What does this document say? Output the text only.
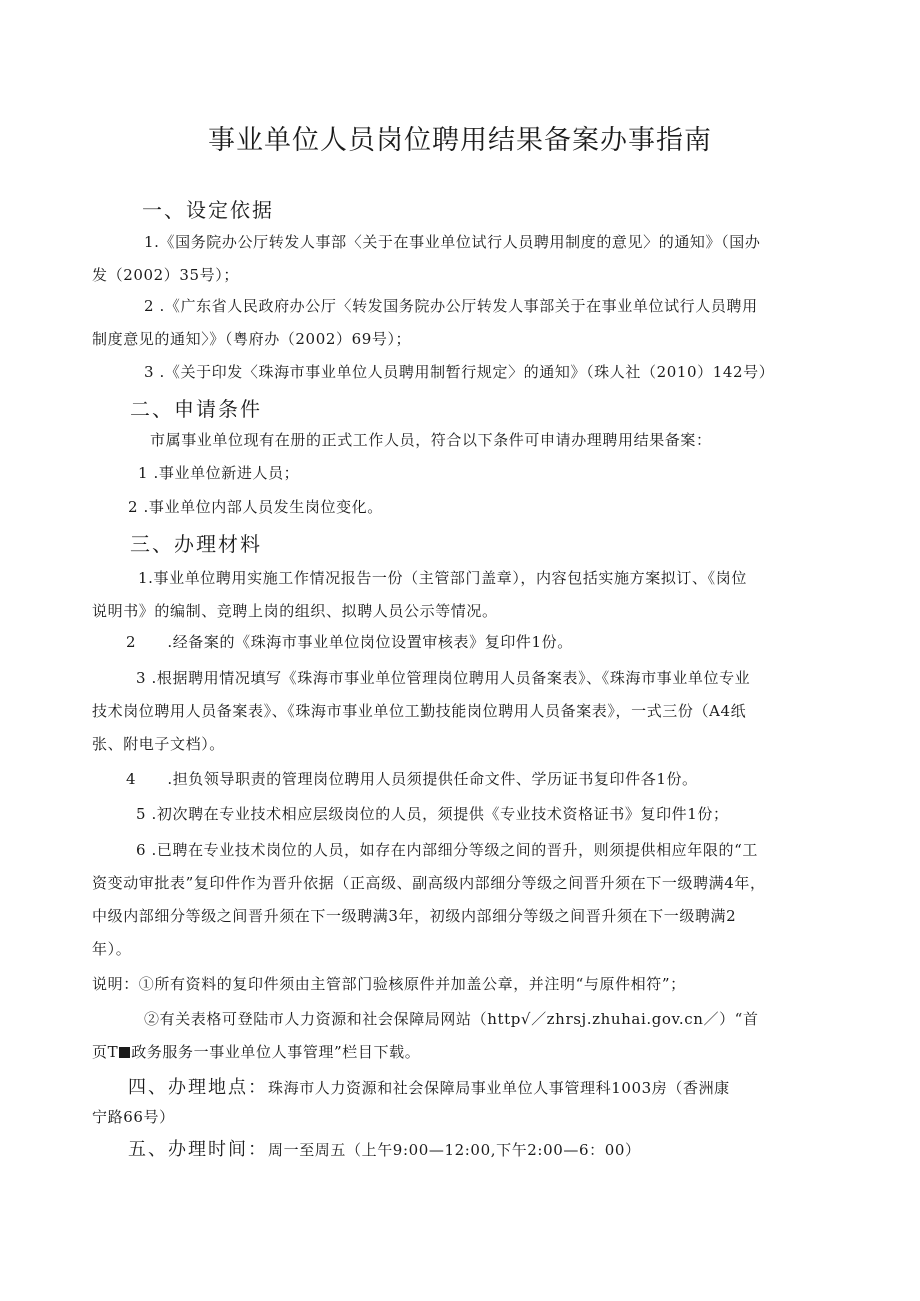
事业单位人员岗位聘用结果备案办事指南
一、设定依据
1.《国务院办公厅转发人事部〈关于在事业单位试行人员聘用制度的意见〉的通知》（国办
发（2002）35号）；
2 .《广东省人民政府办公厅〈转发国务院办公厅转发人事部关于在事业单位试行人员聘用
制度意见的通知〉》（粤府办（2002）69号）；
3 .《关于印发〈珠海市事业单位人员聘用制暂行规定〉的通知》（珠人社（2010）142号）
二、申请条件
市属事业单位现有在册的正式工作人员，符合以下条件可申请办理聘用结果备案：
1 .事业单位新进人员；
2 .事业单位内部人员发生岗位变化。
三、办理材料
1.事业单位聘用实施工作情况报告一份（主管部门盖章），内容包括实施方案拟订、《岗位
说明书》的编制、竞聘上岗的组织、拟聘人员公示等情况。
2　　.经备案的《珠海市事业单位岗位设置审核表》复印件1份。
3 .根据聘用情况填写《珠海市事业单位管理岗位聘用人员备案表》、《珠海市事业单位专业
技术岗位聘用人员备案表》、《珠海市事业单位工勤技能岗位聘用人员备案表》，一式三份（A4纸
张、附电子文档）。
4　　.担负领导职责的管理岗位聘用人员须提供任命文件、学历证书复印件各1份。
5 .初次聘在专业技术相应层级岗位的人员，须提供《专业技术资格证书》复印件1份；
6 .已聘在专业技术岗位的人员，如存在内部细分等级之间的晋升，则须提供相应年限的“工
资变动审批表”复印件作为晋升依据（正高级、副高级内部细分等级之间晋升须在下一级聘满4年，
中级内部细分等级之间晋升须在下一级聘满3年，初级内部细分等级之间晋升须在下一级聘满2
年）。
说明：①所有资料的复印件须由主管部门验核原件并加盖公章，并注明“与原件相符”；
②有关表格可登陆市人力资源和社会保障局网站（http√／zhrsj.zhuhai.gov.cn／）“首
页T 政务服务一事业单位人事管理”栏目下载。
四、办理地点：珠海市人力资源和社会保障局事业单位人事管理科1003房（香洲康
宁路66号）
五、办理时间：周一至周五（上午9:00—12:00,下午2:00—6：00）
